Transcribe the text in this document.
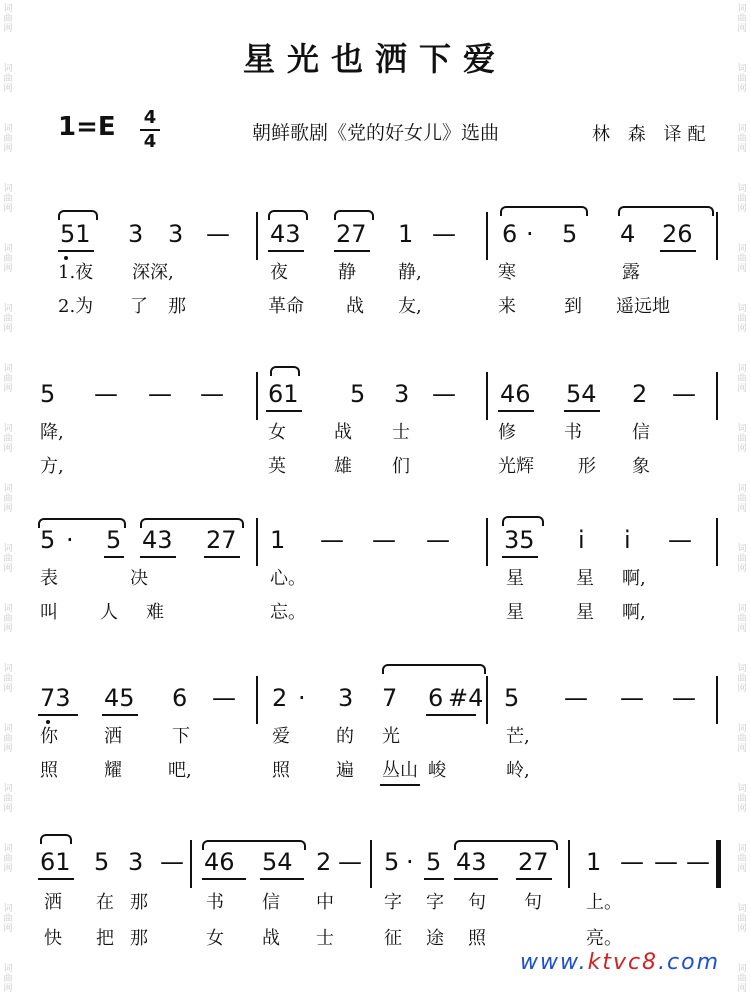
词
曲
网
词
曲
网
词
曲
网
词
曲
网
词
曲
网
词
曲
网
词
曲
网
词
曲
网
词
曲
网
词
曲
网
词
曲
网
词
曲
网
词
曲
网
词
曲
网
词
曲
网
词
曲
网
词
曲
网
词
曲
网
词
曲
网
词
曲
网
词
曲
网
词
曲
网
词
曲
网
词
曲
网
词
曲
网
词
曲
网
词
曲
网
词
曲
网
词
曲
网
词
曲
网
词
曲
网
词
曲
网
词
曲
网
词
曲
网
星光也洒下爱
1=E 4
4	朝鲜歌剧《党的好女儿》选曲	林 森 译配
51 3 3 — 43 27 1 — 6 · 5 4 26
1.夜 深深,	夜	静 静,	寒	露
2.为 了 那	革命 战 友,	来	到 遥远地
5 — — — 61 5 3 — 46 54 2 —
降,	女	战 士	修	书	信
方,	英	雄 们	光辉 形 象
5 · 5 43 27 1 — — — 35 i i —
表	决	心。	星	星 啊,
叫 人 难	忘。	星	星 啊,
73 45 6 — 2 · 3 7 6 #4 5 — — —
你	洒	下	爱	的 光	芒,
照	耀	吧,	照	遍 丛山 峻	岭,
61 5 3 — 46 54 2 — 5 · 5 43 27 1 — — —
洒 在 那	书 信 中	字 字 句 句 上。
快 把 那	女 战 士	征 途 照	亮。
www.ktvc8.com
